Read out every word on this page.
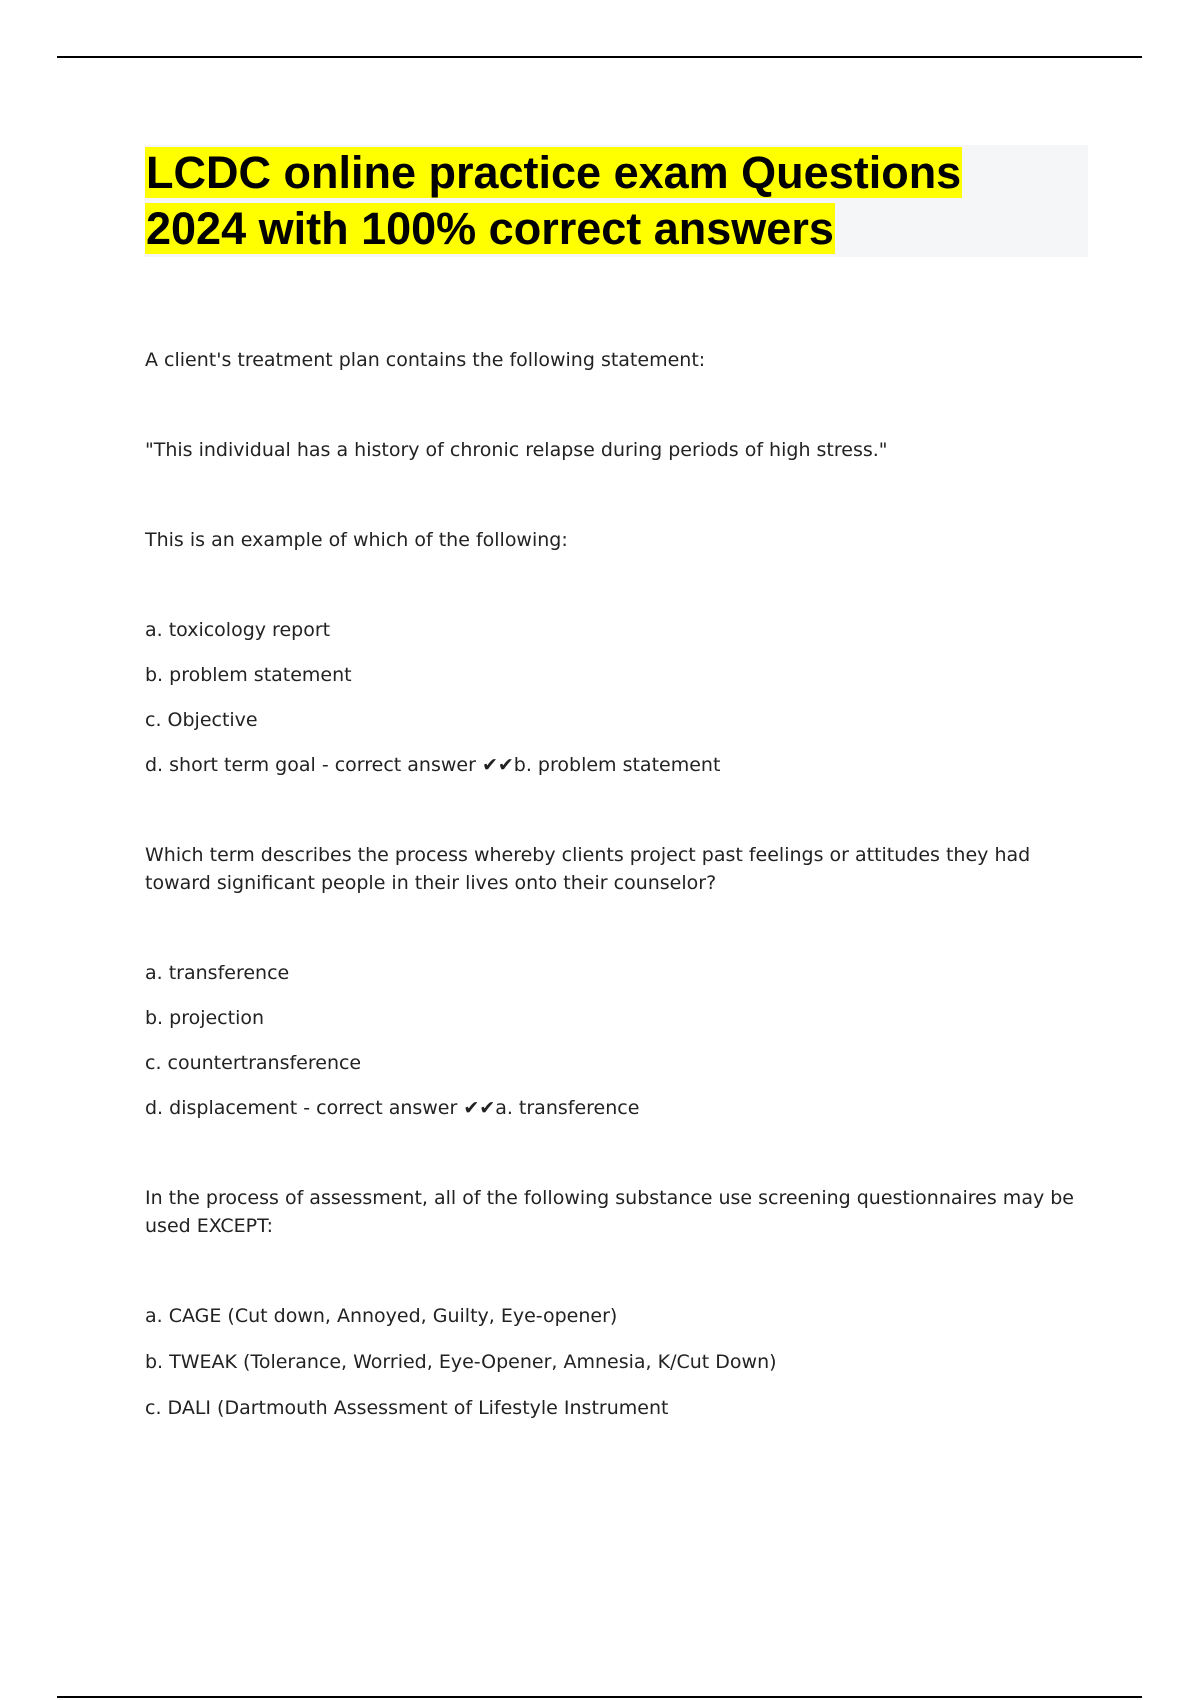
LCDC online practice exam Questions
2024 with 100% correct answers

A client's treatment plan contains the following statement:

"This individual has a history of chronic relapse during periods of high stress."

This is an example of which of the following:

a. toxicology report

b. problem statement

c. Objective

d. short term goal - correct answer ✔✔b. problem statement

Which term describes the process whereby clients project past feelings or attitudes they had toward significant people in their lives onto their counselor?

a. transference

b. projection

c. countertransference

d. displacement - correct answer ✔✔a. transference

In the process of assessment, all of the following substance use screening questionnaires may be used EXCEPT:

a. CAGE (Cut down, Annoyed, Guilty, Eye-opener)

b. TWEAK (Tolerance, Worried, Eye-Opener, Amnesia, K/Cut Down)

c. DALI (Dartmouth Assessment of Lifestyle Instrument
